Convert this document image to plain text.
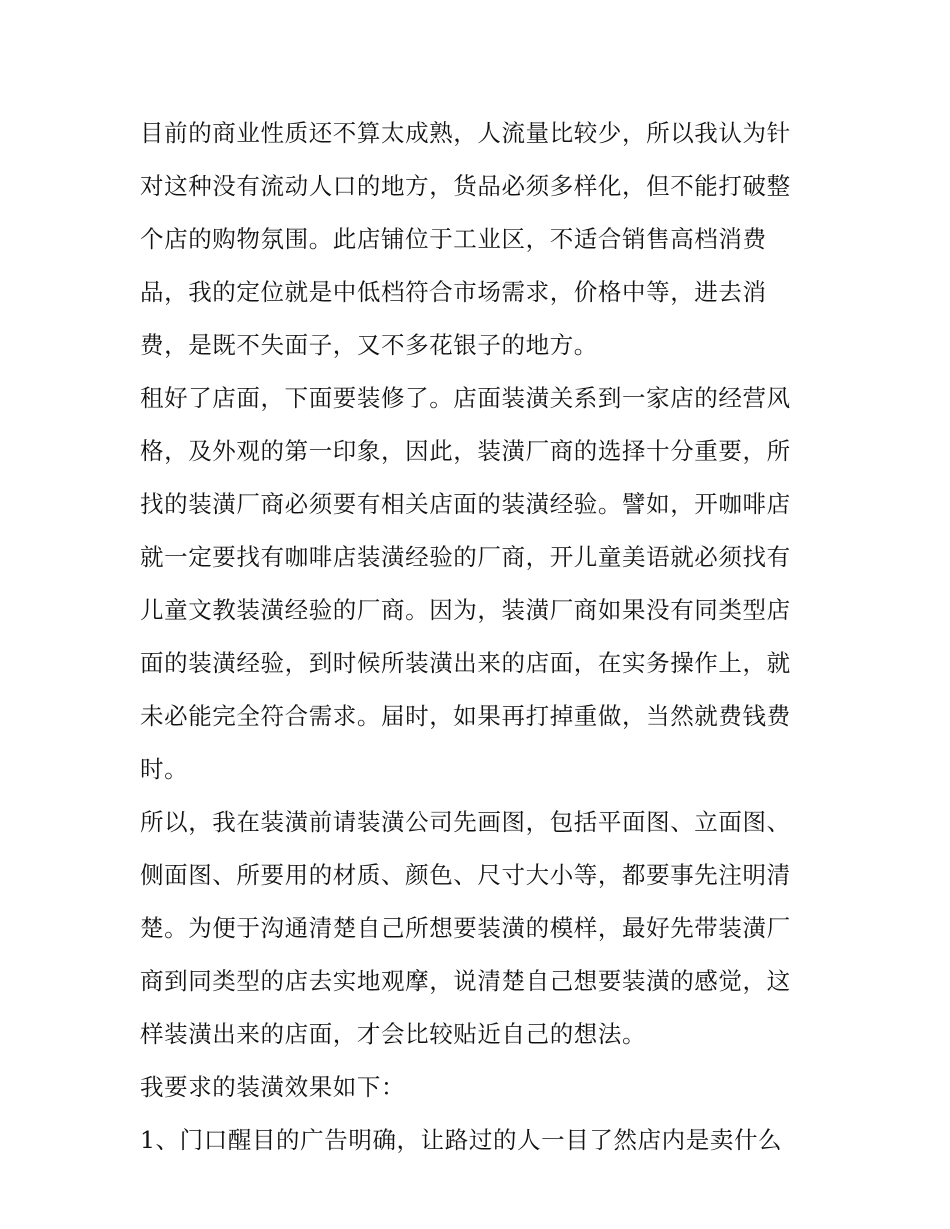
目前的商业性质还不算太成熟，人流量比较少，所以我认为针
对这种没有流动人口的地方，货品必须多样化，但不能打破整
个店的购物氛围。此店铺位于工业区，不适合销售高档消费
品，我的定位就是中低档符合市场需求，价格中等，进去消
费，是既不失面子，又不多花银子的地方。
租好了店面，下面要装修了。店面装潢关系到一家店的经营风
格，及外观的第一印象，因此，装潢厂商的选择十分重要，所
找的装潢厂商必须要有相关店面的装潢经验。譬如，开咖啡店
就一定要找有咖啡店装潢经验的厂商，开儿童美语就必须找有
儿童文教装潢经验的厂商。因为，装潢厂商如果没有同类型店
面的装潢经验，到时候所装潢出来的店面，在实务操作上，就
未必能完全符合需求。届时，如果再打掉重做，当然就费钱费
时。
所以，我在装潢前请装潢公司先画图，包括平面图、立面图、
侧面图、所要用的材质、颜色、尺寸大小等，都要事先注明清
楚。为便于沟通清楚自己所想要装潢的模样，最好先带装潢厂
商到同类型的店去实地观摩，说清楚自己想要装潢的感觉，这
样装潢出来的店面，才会比较贴近自己的想法。
我要求的装潢效果如下：
1、门口醒目的广告明确，让路过的人一目了然店内是卖什么
